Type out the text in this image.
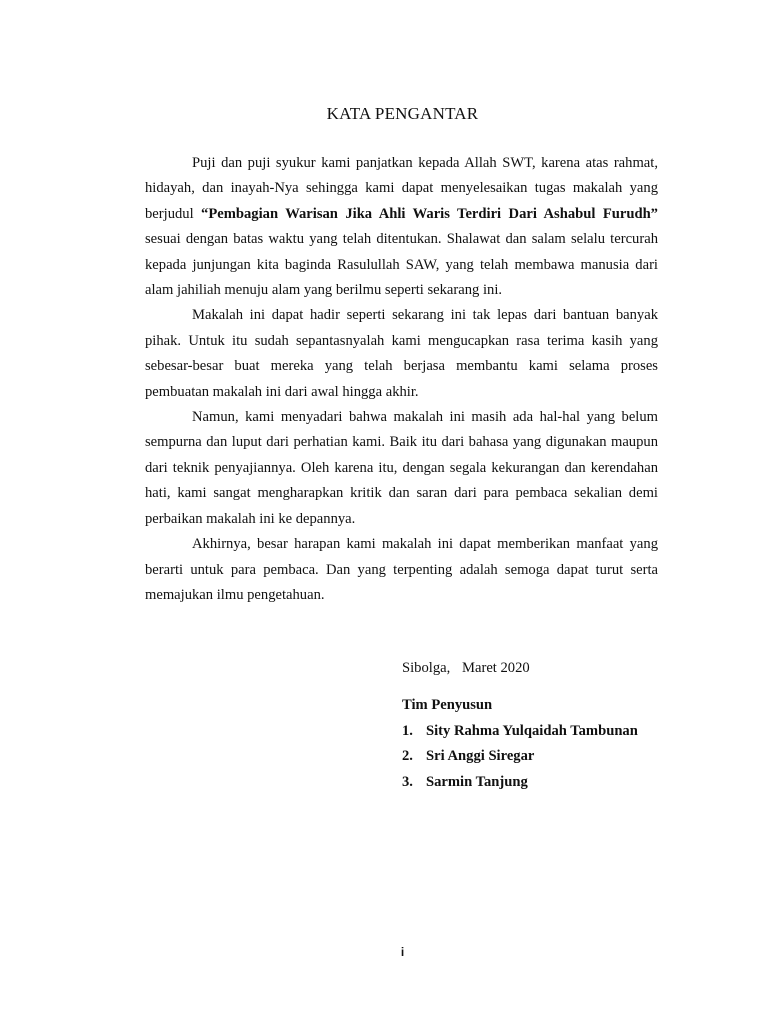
KATA PENGANTAR

Puji dan puji syukur kami panjatkan kepada Allah SWT, karena atas rahmat, hidayah, dan inayah-Nya sehingga kami dapat menyelesaikan tugas makalah yang berjudul “Pembagian Warisan Jika Ahli Waris Terdiri Dari Ashabul Furudh” sesuai dengan batas waktu yang telah ditentukan. Shalawat dan salam selalu tercurah kepada junjungan kita baginda Rasulullah SAW, yang telah membawa manusia dari alam jahiliah menuju alam yang berilmu seperti sekarang ini.

Makalah ini dapat hadir seperti sekarang ini tak lepas dari bantuan banyak pihak. Untuk itu sudah sepantasnyalah kami mengucapkan rasa terima kasih yang sebesar-besar buat mereka yang telah berjasa membantu kami selama proses pembuatan makalah ini dari awal hingga akhir.

Namun, kami menyadari bahwa makalah ini masih ada hal-hal yang belum sempurna dan luput dari perhatian kami. Baik itu dari bahasa yang digunakan maupun dari teknik penyajiannya. Oleh karena itu, dengan segala kekurangan dan kerendahan hati, kami sangat mengharapkan kritik dan saran dari para pembaca sekalian demi perbaikan makalah ini ke depannya.

Akhirnya, besar harapan kami makalah ini dapat memberikan manfaat yang berarti untuk para pembaca. Dan yang terpenting adalah semoga dapat turut serta memajukan ilmu pengetahuan.

Sibolga, Maret 2020
Tim Penyusun
1. Sity Rahma Yulqaidah Tambunan
2. Sri Anggi Siregar
3. Sarmin Tanjung
i
